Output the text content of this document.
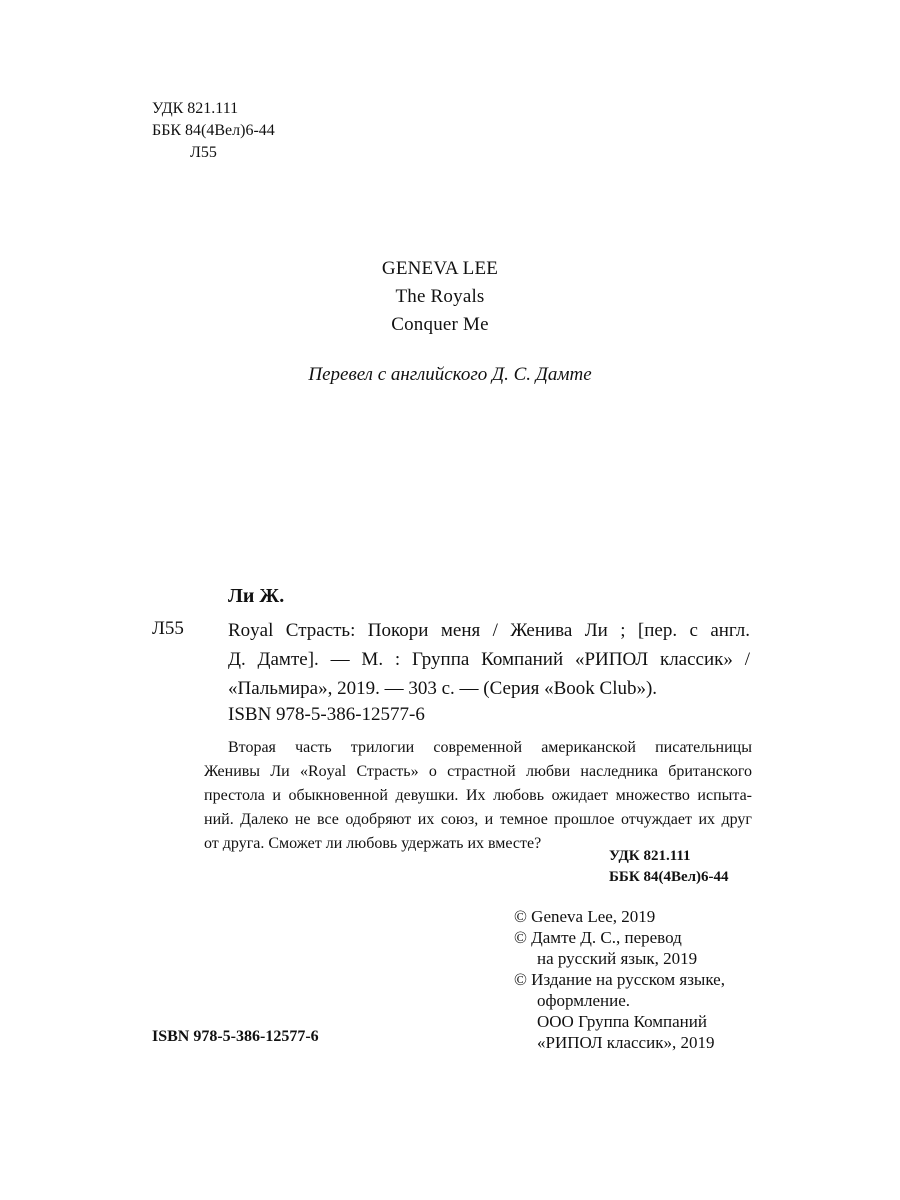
УДК 821.111
ББК 84(4Вел)6-44
Л55
GENEVA LEE
The Royals
Conquer Me
Перевел с английского Д. С. Дамте
Ли Ж.
Л55 Royal Страсть: Покори меня / Женива Ли ; [пер. с англ.
Д. Дамте]. — М. : Группа Компаний «РИПОЛ классик» /
«Пальмира», 2019. — 303 с. — (Серия «Book Club»).
ISBN 978-5-386-12577-6
Вторая часть трилогии современной американской писательницы
Женивы Ли «Royal Страсть» о страстной любви наследника британского
престола и обыкновенной девушки. Их любовь ожидает множество испыта-
ний. Далеко не все одобряют их союз, и темное прошлое отчуждает их друг
от друга. Сможет ли любовь удержать их вместе?
УДК 821.111
ББК 84(4Вел)6-44
© Geneva Lee, 2019
© Дамте Д. С., перевод
на русский язык, 2019
© Издание на русском языке,
оформление.
ООО Группа Компаний
«РИПОЛ классик», 2019
ISBN 978-5-386-12577-6
